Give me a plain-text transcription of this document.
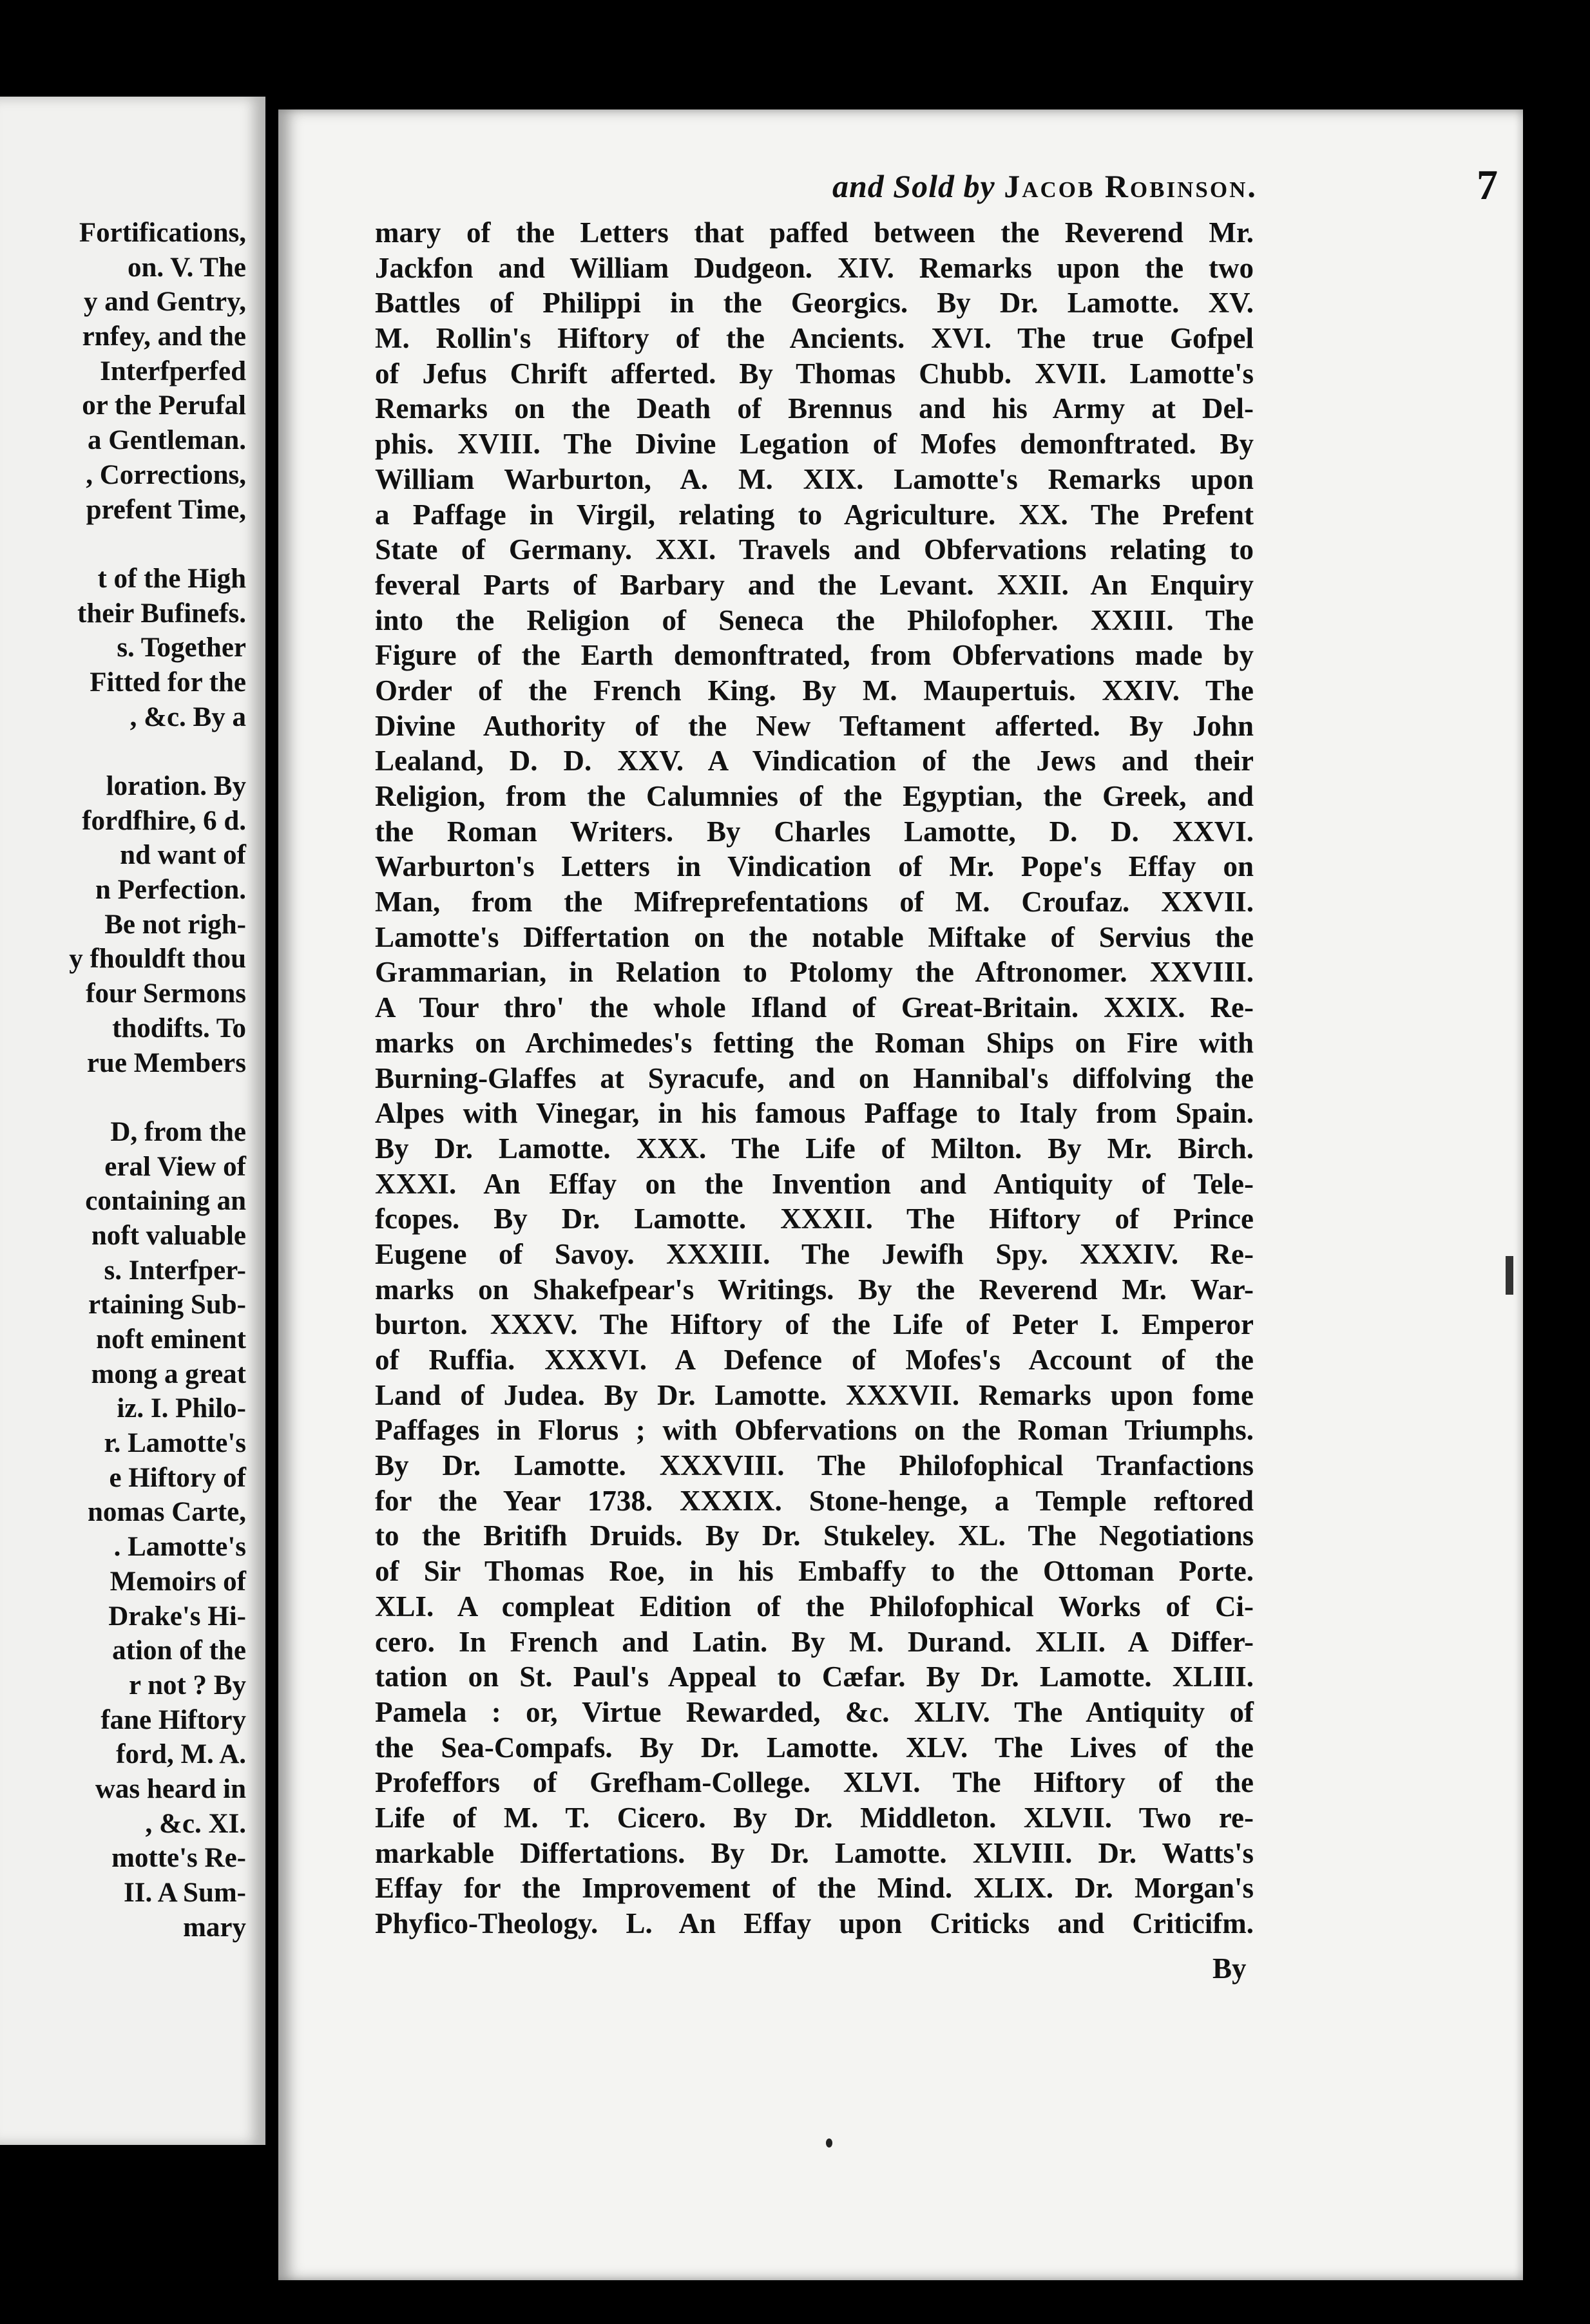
Fortifications,
on. V. The
y and Gentry,
rnfey, and the
Interfperfed
or the Perufal
a Gentleman.
, Corrections,
prefent Time,
t of the High
their Bufinefs.
s. Together
Fitted for the
, &c. By a
loration. By
fordfhire, 6 d.
nd want of
n Perfection.
Be not righ-
y fhouldft thou
four Sermons
thodifts. To
rue Members
D, from the
eral View of
containing an
noft valuable
s. Interfper-
rtaining Sub-
noft eminent
mong a great
iz. I. Philo-
r. Lamotte's
e Hiftory of
nomas Carte,
. Lamotte's
Memoirs of
Drake's Hi-
ation of the
r not ? By
fane Hiftory
ford, M. A.
was heard in
, &c. XI.
motte's Re-
II. A Sum-
mary
and Sold by Jacob Robinson.	7
mary of the Letters that paffed between the Reverend Mr.
Jackfon and William Dudgeon. XIV. Remarks upon the two
Battles of Philippi in the Georgics. By Dr. Lamotte. XV.
M. Rollin's Hiftory of the Ancients. XVI. The true Gofpel
of Jefus Chrift afferted. By Thomas Chubb. XVII. Lamotte's
Remarks on the Death of Brennus and his Army at Del-
phis. XVIII. The Divine Legation of Mofes demonftrated. By
William Warburton, A. M. XIX. Lamotte's Remarks upon
a Paffage in Virgil, relating to Agriculture. XX. The Prefent
State of Germany. XXI. Travels and Obfervations relating to
feveral Parts of Barbary and the Levant. XXII. An Enquiry
into the Religion of Seneca the Philofopher. XXIII. The
Figure of the Earth demonftrated, from Obfervations made by
Order of the French King. By M. Maupertuis. XXIV. The
Divine Authority of the New Teftament afferted. By John
Lealand, D. D. XXV. A Vindication of the Jews and their
Religion, from the Calumnies of the Egyptian, the Greek, and
the Roman Writers. By Charles Lamotte, D. D. XXVI.
Warburton's Letters in Vindication of Mr. Pope's Effay on
Man, from the Mifreprefentations of M. Croufaz. XXVII.
Lamotte's Differtation on the notable Miftake of Servius the
Grammarian, in Relation to Ptolomy the Aftronomer. XXVIII.
A Tour thro' the whole Ifland of Great-Britain. XXIX. Re-
marks on Archimedes's fetting the Roman Ships on Fire with
Burning-Glaffes at Syracufe, and on Hannibal's diffolving the
Alpes with Vinegar, in his famous Paffage to Italy from Spain.
By Dr. Lamotte. XXX. The Life of Milton. By Mr. Birch.
XXXI. An Effay on the Invention and Antiquity of Tele-
fcopes. By Dr. Lamotte. XXXII. The Hiftory of Prince
Eugene of Savoy. XXXIII. The Jewifh Spy. XXXIV. Re-
marks on Shakefpear's Writings. By the Reverend Mr. War-
burton. XXXV. The Hiftory of the Life of Peter I. Emperor
of Ruffia. XXXVI. A Defence of Mofes's Account of the
Land of Judea. By Dr. Lamotte. XXXVII. Remarks upon fome
Paffages in Florus ; with Obfervations on the Roman Triumphs.
By Dr. Lamotte. XXXVIII. The Philofophical Tranfactions
for the Year 1738. XXXIX. Stone-henge, a Temple reftored
to the Britifh Druids. By Dr. Stukeley. XL. The Negotiations
of Sir Thomas Roe, in his Embaffy to the Ottoman Porte.
XLI. A compleat Edition of the Philofophical Works of Ci-
cero. In French and Latin. By M. Durand. XLII. A Differ-
tation on St. Paul's Appeal to Cæfar. By Dr. Lamotte. XLIII.
Pamela : or, Virtue Rewarded, &c. XLIV. The Antiquity of
the Sea-Compafs. By Dr. Lamotte. XLV. The Lives of the
Profeffors of Grefham-College. XLVI. The Hiftory of the
Life of M. T. Cicero. By Dr. Middleton. XLVII. Two re-
markable Differtations. By Dr. Lamotte. XLVIII. Dr. Watts's
Effay for the Improvement of the Mind. XLIX. Dr. Morgan's
Phyfico-Theology. L. An Effay upon Criticks and Criticifm.
By
